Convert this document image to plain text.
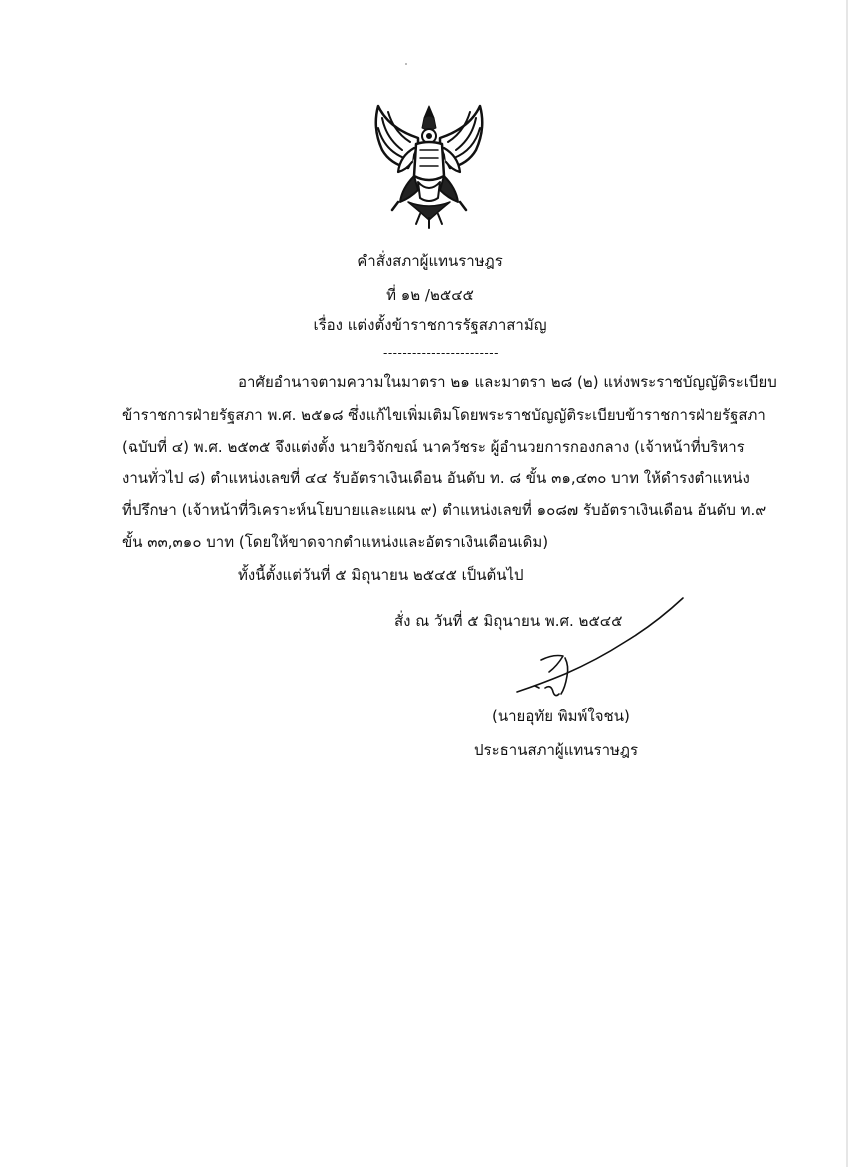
คำสั่งสภาผู้แทนราษฎร
ที่ ๑๒ /๒๕๔๕
เรื่อง แต่งตั้งข้าราชการรัฐสภาสามัญ
------------------------
อาศัยอำนาจตามความในมาตรา ๒๑ และมาตรา ๒๘ (๒) แห่งพระราชบัญญัติระเบียบ
ข้าราชการฝ่ายรัฐสภา พ.ศ. ๒๕๑๘ ซึ่งแก้ไขเพิ่มเติมโดยพระราชบัญญัติระเบียบข้าราชการฝ่ายรัฐสภา
(ฉบับที่ ๔) พ.ศ. ๒๕๓๕ จึงแต่งตั้ง นายวิจักขณ์ นาควัชระ ผู้อำนวยการกองกลาง (เจ้าหน้าที่บริหาร
งานทั่วไป ๘) ตำแหน่งเลขที่ ๔๔ รับอัตราเงินเดือน อันดับ ท. ๘ ขั้น ๓๑,๔๓๐ บาท ให้ดำรงตำแหน่ง
ที่ปรึกษา (เจ้าหน้าที่วิเคราะห์นโยบายและแผน ๙) ตำแหน่งเลขที่ ๑๐๘๗ รับอัตราเงินเดือน อันดับ ท.๙
ขั้น ๓๓,๓๑๐ บาท (โดยให้ขาดจากตำแหน่งและอัตราเงินเดือนเดิม)
ทั้งนี้ตั้งแต่วันที่ ๕ มิถุนายน ๒๕๔๕ เป็นต้นไป
สั่ง ณ วันที่ ๕ มิถุนายน พ.ศ. ๒๕๔๕
(นายอุทัย พิมพ์ใจชน)
ประธานสภาผู้แทนราษฎร
